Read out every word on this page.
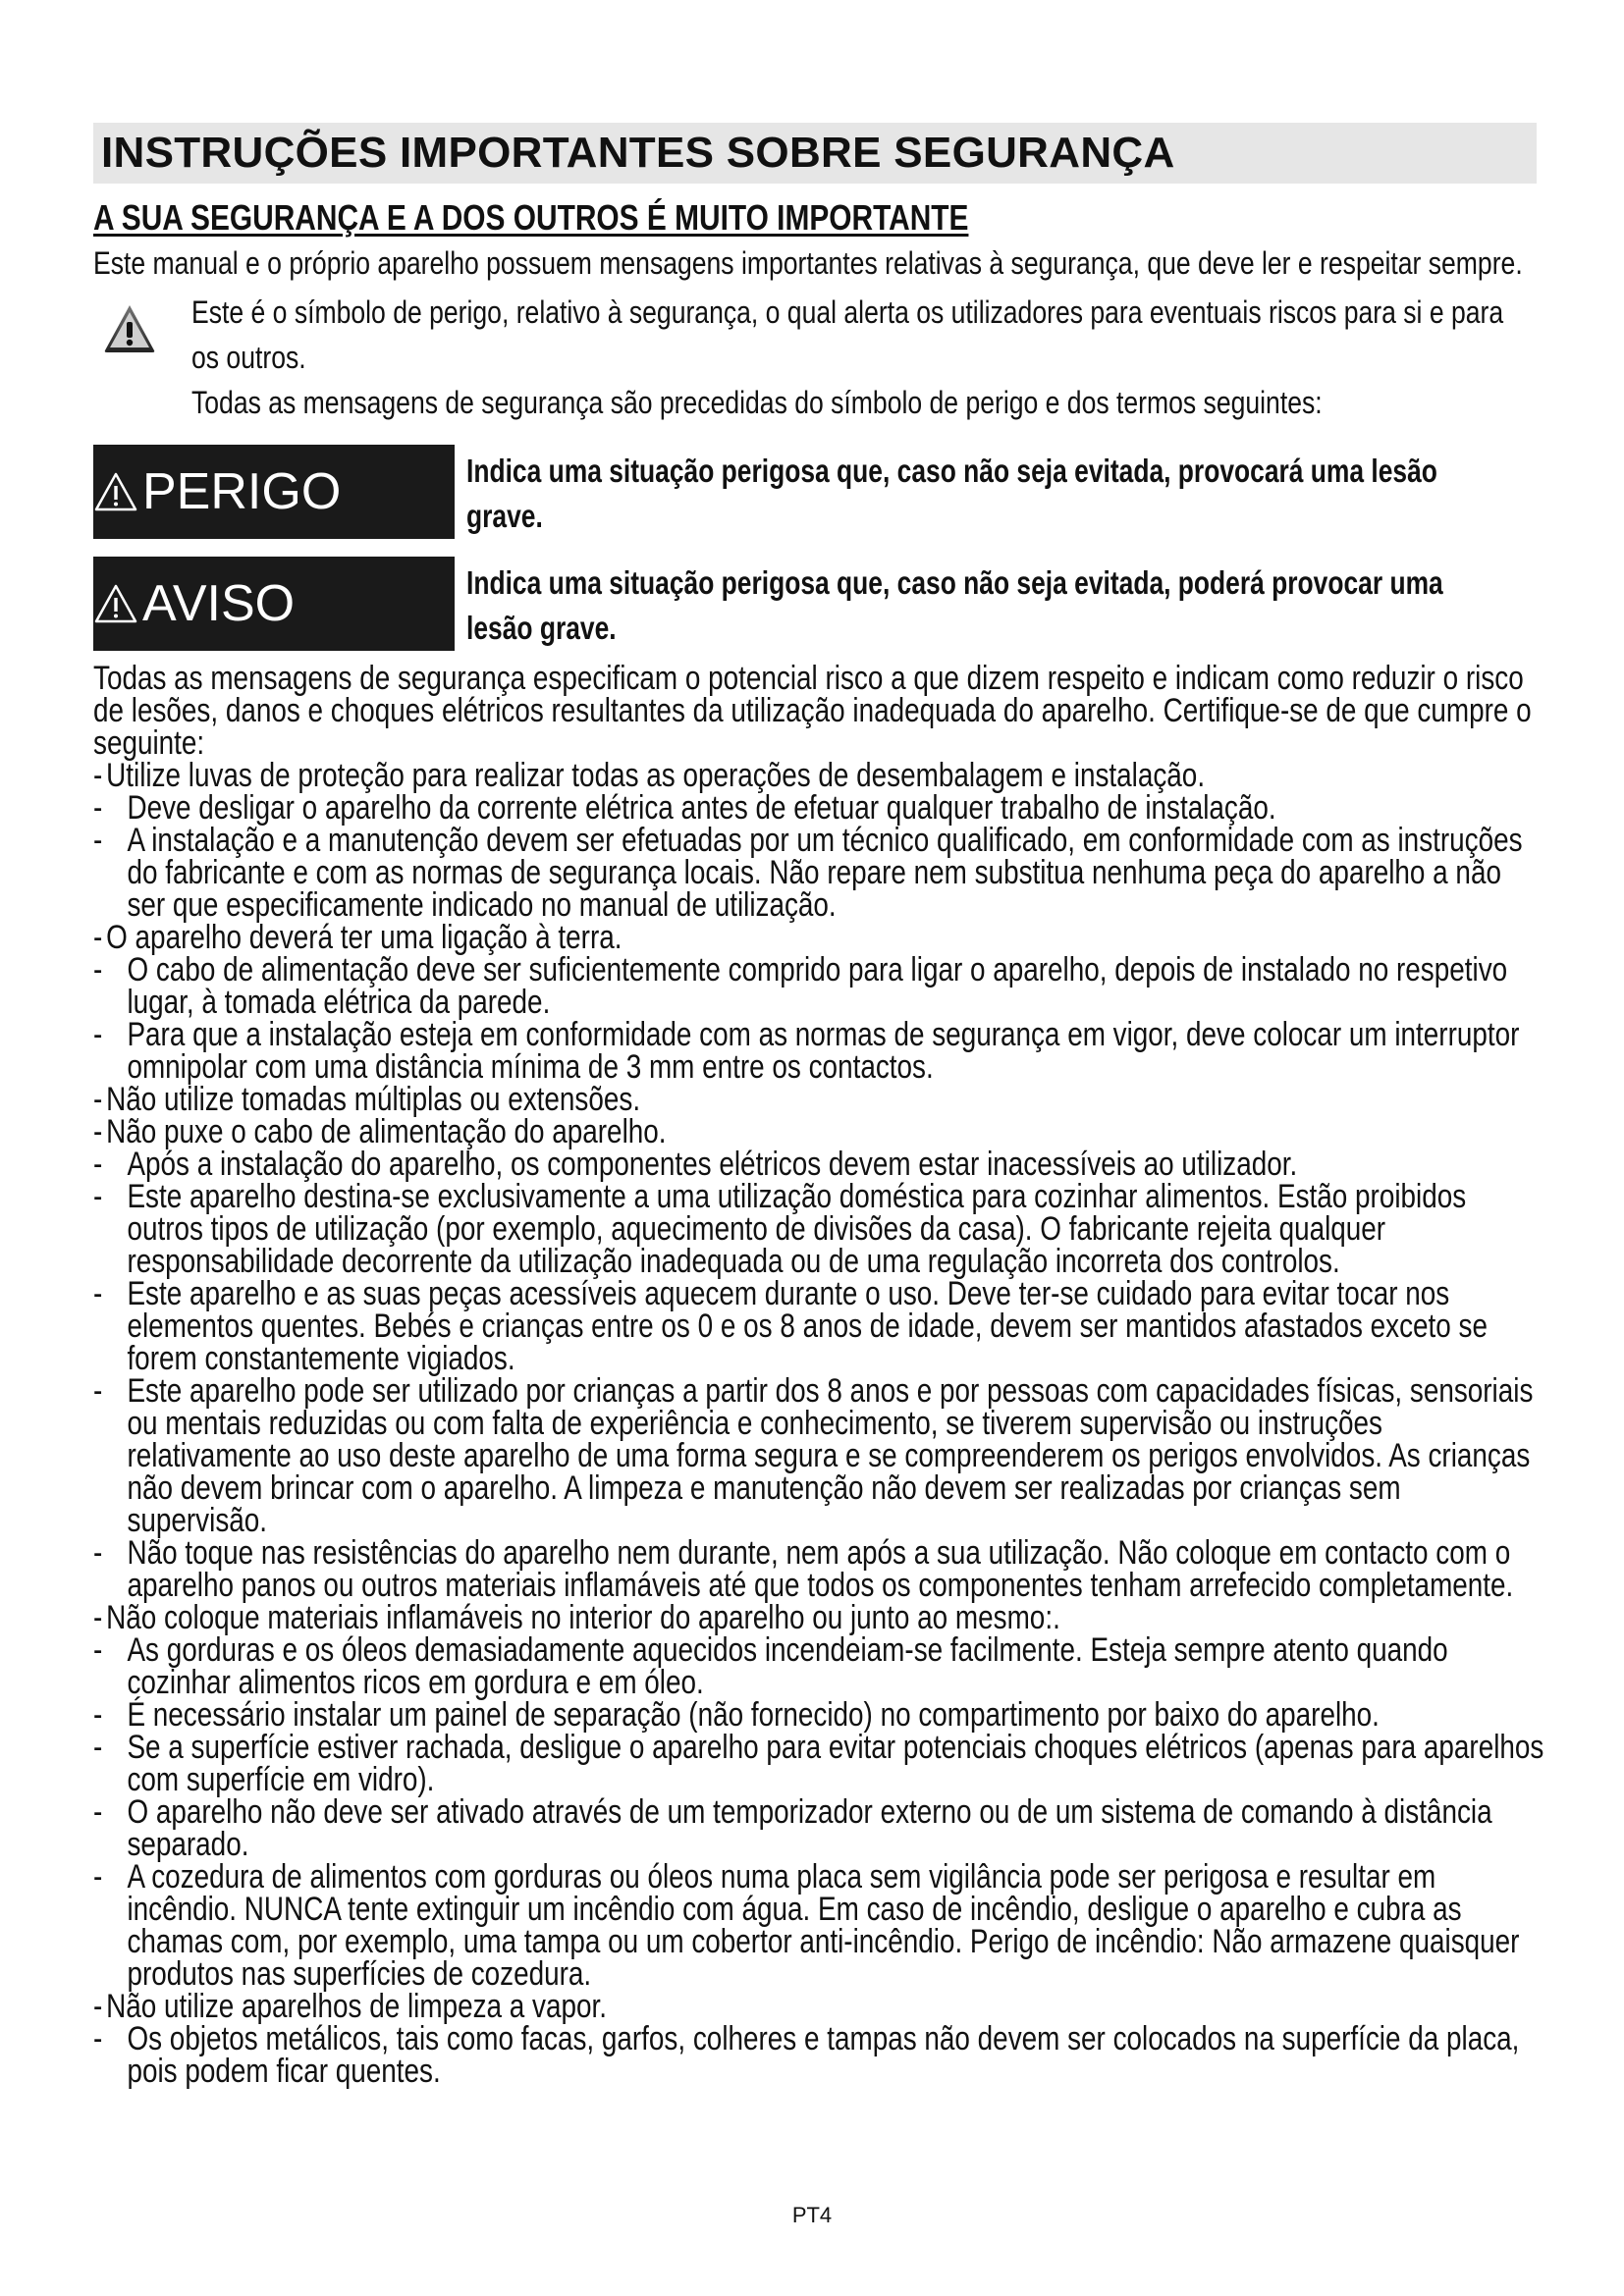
INSTRUÇÕES IMPORTANTES SOBRE SEGURANÇA
A SUA SEGURANÇA E A DOS OUTROS É MUITO IMPORTANTE
Este manual e o próprio aparelho possuem mensagens importantes relativas à segurança, que deve ler e respeitar sempre.
Este é o símbolo de perigo, relativo à segurança, o qual alerta os utilizadores para eventuais riscos para si e para os outros.
Todas as mensagens de segurança são precedidas do símbolo de perigo e dos termos seguintes:
PERIGO	Indica uma situação perigosa que, caso não seja evitada, provocará uma lesão grave.
AVISO	Indica uma situação perigosa que, caso não seja evitada, poderá provocar uma lesão grave.
Todas as mensagens de segurança especificam o potencial risco a que dizem respeito e indicam como reduzir o risco de lesões, danos e choques elétricos resultantes da utilização inadequada do aparelho. Certifique-se de que cumpre o seguinte:
- Utilize luvas de proteção para realizar todas as operações de desembalagem e instalação.
- Deve desligar o aparelho da corrente elétrica antes de efetuar qualquer trabalho de instalação.
- A instalação e a manutenção devem ser efetuadas por um técnico qualificado, em conformidade com as instruções do fabricante e com as normas de segurança locais. Não repare nem substitua nenhuma peça do aparelho a não ser que especificamente indicado no manual de utilização.
- O aparelho deverá ter uma ligação à terra.
- O cabo de alimentação deve ser suficientemente comprido para ligar o aparelho, depois de instalado no respetivo lugar, à tomada elétrica da parede.
- Para que a instalação esteja em conformidade com as normas de segurança em vigor, deve colocar um interruptor omnipolar com uma distância mínima de 3 mm entre os contactos.
- Não utilize tomadas múltiplas ou extensões.
- Não puxe o cabo de alimentação do aparelho.
- Após a instalação do aparelho, os componentes elétricos devem estar inacessíveis ao utilizador.
- Este aparelho destina-se exclusivamente a uma utilização doméstica para cozinhar alimentos. Estão proibidos outros tipos de utilização (por exemplo, aquecimento de divisões da casa). O fabricante rejeita qualquer responsabilidade decorrente da utilização inadequada ou de uma regulação incorreta dos controlos.
- Este aparelho e as suas peças acessíveis aquecem durante o uso. Deve ter-se cuidado para evitar tocar nos elementos quentes. Bebés e crianças entre os 0 e os 8 anos de idade, devem ser mantidos afastados exceto se forem constantemente vigiados.
- Este aparelho pode ser utilizado por crianças a partir dos 8 anos e por pessoas com capacidades físicas, sensoriais ou mentais reduzidas ou com falta de experiência e conhecimento, se tiverem supervisão ou instruções relativamente ao uso deste aparelho de uma forma segura e se compreenderem os perigos envolvidos. As crianças não devem brincar com o aparelho. A limpeza e manutenção não devem ser realizadas por crianças sem supervisão.
- Não toque nas resistências do aparelho nem durante, nem após a sua utilização. Não coloque em contacto com o aparelho panos ou outros materiais inflamáveis até que todos os componentes tenham arrefecido completamente.
- Não coloque materiais inflamáveis no interior do aparelho ou junto ao mesmo:.
- As gorduras e os óleos demasiadamente aquecidos incendeiam-se facilmente. Esteja sempre atento quando cozinhar alimentos ricos em gordura e em óleo.
- É necessário instalar um painel de separação (não fornecido) no compartimento por baixo do aparelho.
- Se a superfície estiver rachada, desligue o aparelho para evitar potenciais choques elétricos (apenas para aparelhos com superfície em vidro).
- O aparelho não deve ser ativado através de um temporizador externo ou de um sistema de comando à distância separado.
- A cozedura de alimentos com gorduras ou óleos numa placa sem vigilância pode ser perigosa e resultar em incêndio. NUNCA tente extinguir um incêndio com água. Em caso de incêndio, desligue o aparelho e cubra as chamas com, por exemplo, uma tampa ou um cobertor anti-incêndio. Perigo de incêndio: Não armazene quaisquer produtos nas superfícies de cozedura.
- Não utilize aparelhos de limpeza a vapor.
- Os objetos metálicos, tais como facas, garfos, colheres e tampas não devem ser colocados na superfície da placa, pois podem ficar quentes.
PT4
